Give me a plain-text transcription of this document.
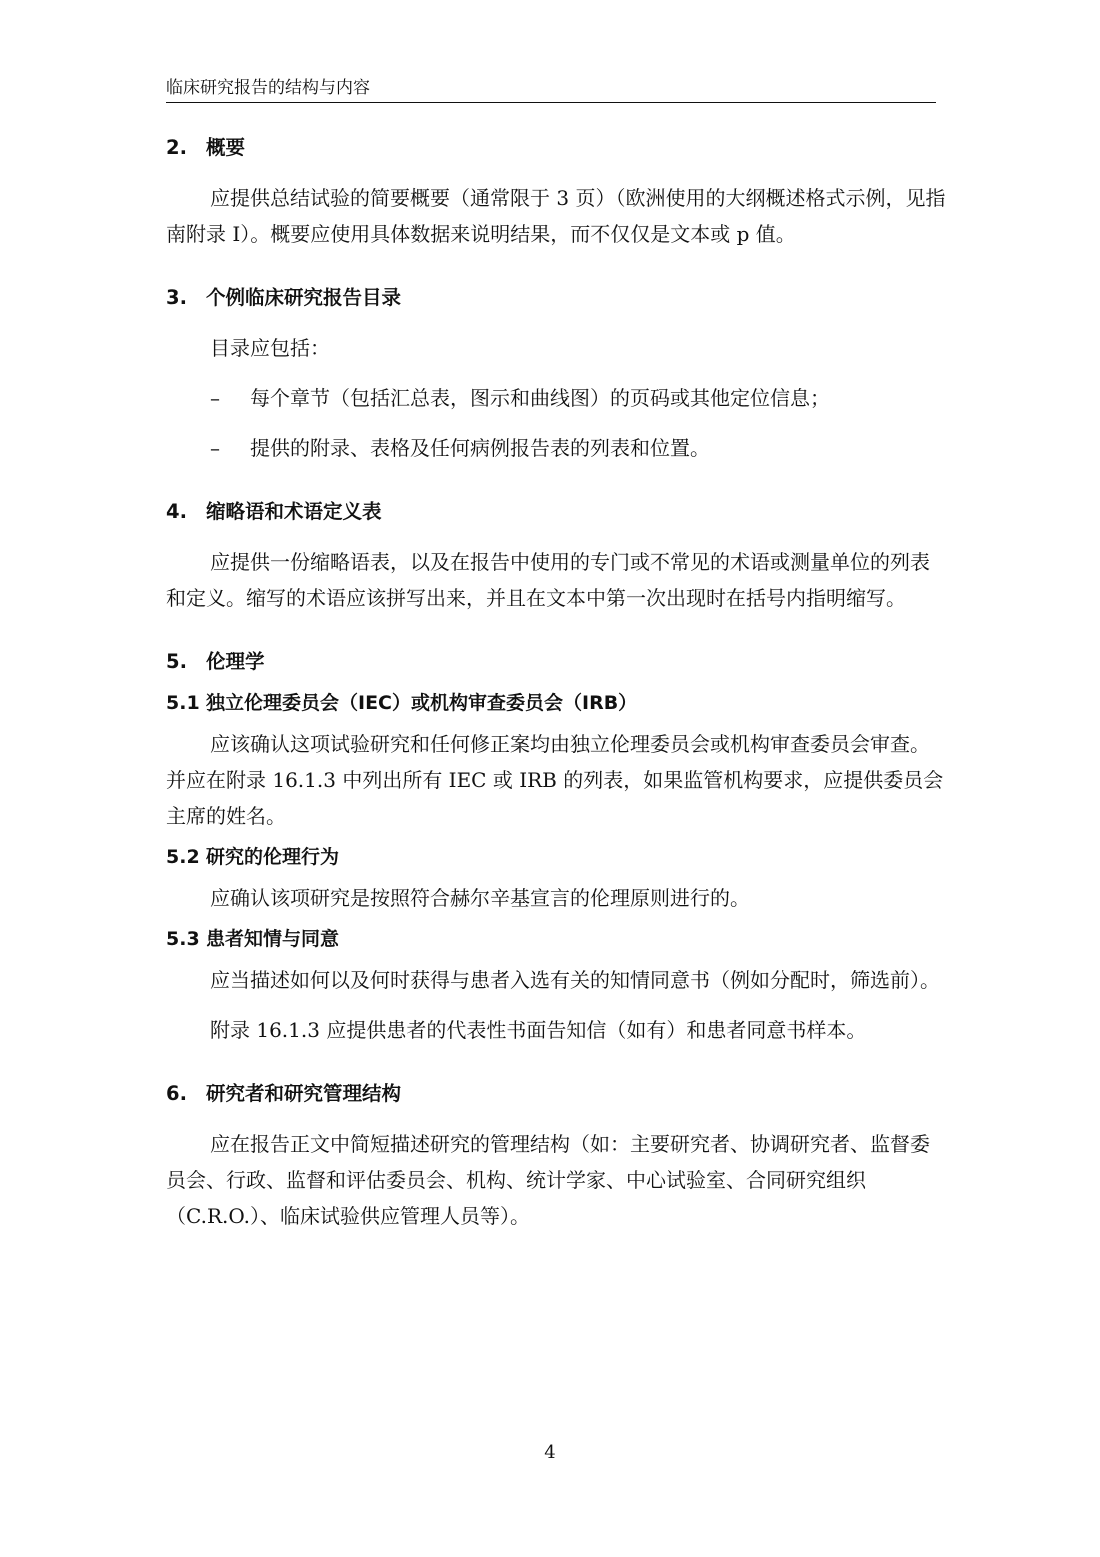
临床研究报告的结构与内容
2. 概要

应提供总结试验的简要概要（通常限于 3 页）（欧洲使用的大纲概述格式示例，见指南附录 I）。概要应使用具体数据来说明结果，而不仅仅是文本或 p 值。

3. 个例临床研究报告目录

目录应包括：

– 每个章节（包括汇总表，图示和曲线图）的页码或其他定位信息；

– 提供的附录、表格及任何病例报告表的列表和位置。

4. 缩略语和术语定义表

应提供一份缩略语表，以及在报告中使用的专门或不常见的术语或测量单位的列表和定义。缩写的术语应该拼写出来，并且在文本中第一次出现时在括号内指明缩写。

5. 伦理学
5.1 独立伦理委员会（IEC）或机构审查委员会（IRB）

应该确认这项试验研究和任何修正案均由独立伦理委员会或机构审查委员会审查。并应在附录 16.1.3 中列出所有 IEC 或 IRB 的列表，如果监管机构要求，应提供委员会主席的姓名。

5.2 研究的伦理行为

应确认该项研究是按照符合赫尔辛基宣言的伦理原则进行的。

5.3 患者知情与同意

应当描述如何以及何时获得与患者入选有关的知情同意书（例如分配时，筛选前）。

附录 16.1.3 应提供患者的代表性书面告知信（如有）和患者同意书样本。

6. 研究者和研究管理结构

应在报告正文中简短描述研究的管理结构（如：主要研究者、协调研究者、监督委员会、行政、监督和评估委员会、机构、统计学家、中心试验室、合同研究组织（C.R.O.）、临床试验供应管理人员等）。

4
